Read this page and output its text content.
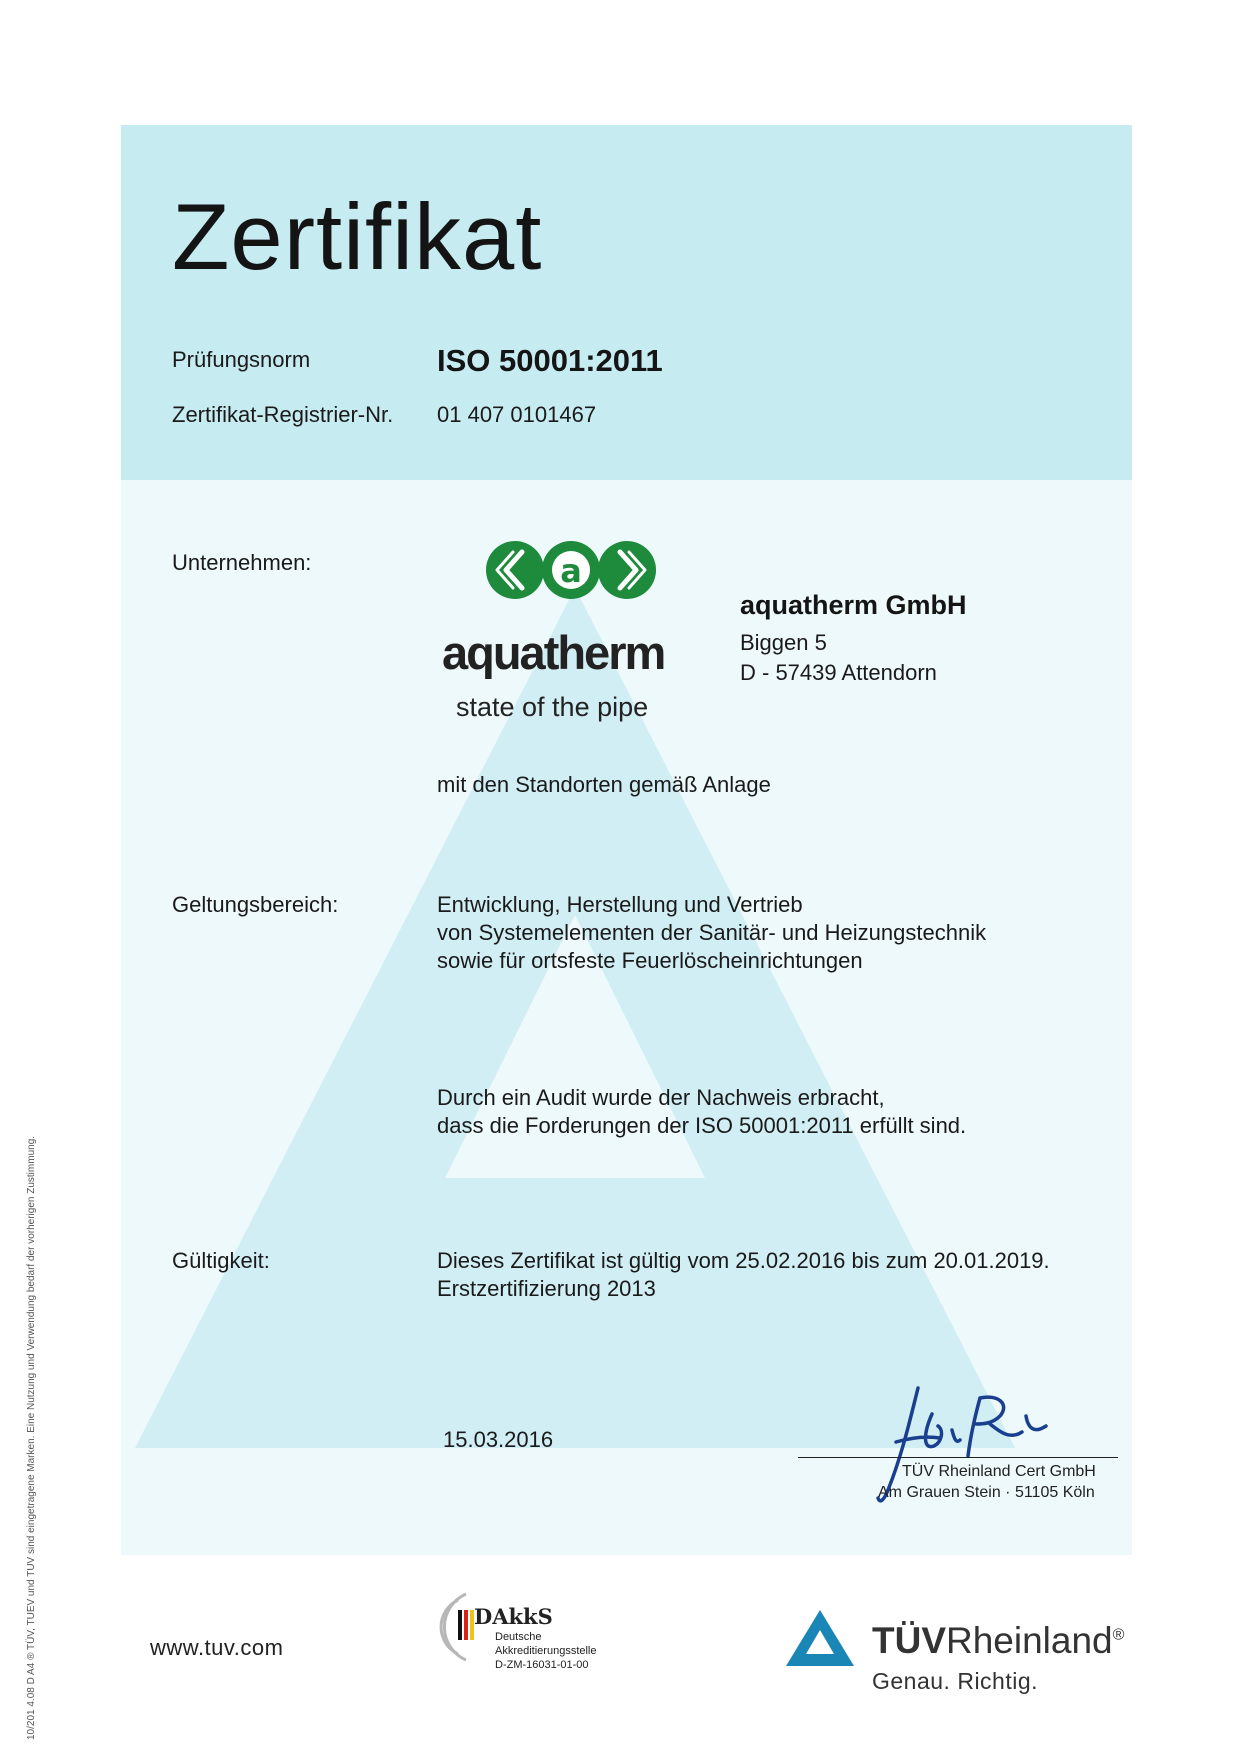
Zertifikat
Prüfungsnorm	ISO 50001:2011
Zertifikat-Registrier-Nr. 01 407 0101467
Unternehmen:	a
aquatherm
state of the pipe
aquatherm GmbH
Biggen 5
D - 57439 Attendorn
mit den Standorten gemäß Anlage
Geltungsbereich:	Entwicklung, Herstellung und Vertrieb
von Systemelementen der Sanitär- und Heizungstechnik
sowie für ortsfeste Feuerlöscheinrichtungen
Durch ein Audit wurde der Nachweis erbracht,
dass die Forderungen der ISO 50001:2011 erfüllt sind.
Gültigkeit:	Dieses Zertifikat ist gültig vom 25.02.2016 bis zum 20.01.2019.
Erstzertifizierung 2013
15.03.2016
TÜV Rheinland Cert GmbH
Am Grauen Stein · 51105 Köln
www.tuv.com
DAkkS
Deutsche
Akkreditierungsstelle
D-ZM-16031-01-00
TÜVRheinland®
Genau. Richtig.
10/201 4.08 D A4 ® TÜV, TUEV und TUV sind eingetragene Marken. Eine Nutzung und Verwendung bedarf der vorherigen Zustimmung.
